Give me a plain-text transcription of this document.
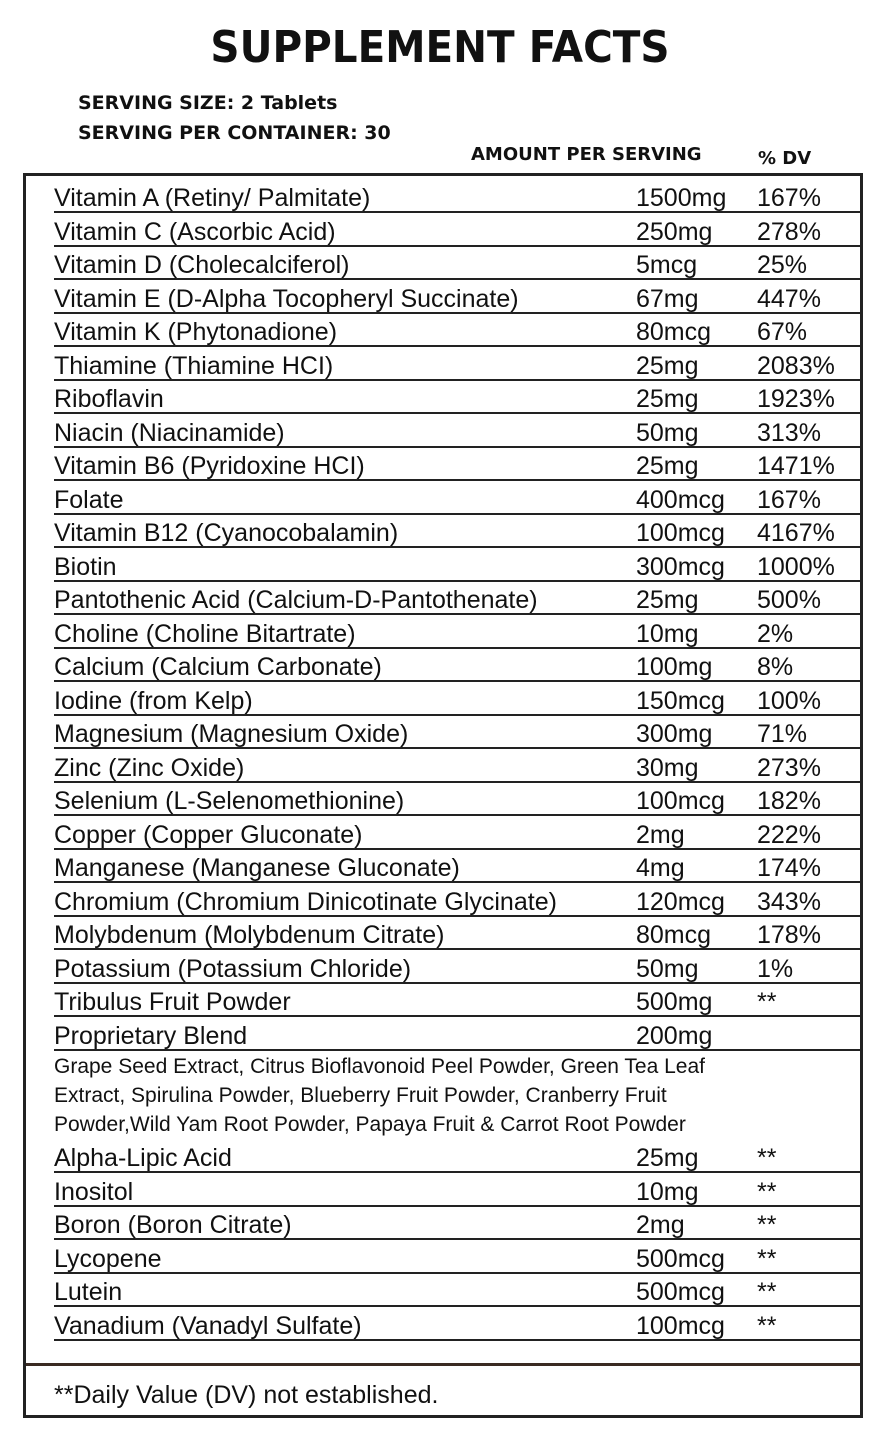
SUPPLEMENT FACTS
SERVING SIZE: 2 Tablets
SERVING PER CONTAINER: 30
AMOUNT PER SERVING	% DV
**Daily Value (DV) not established.
Vitamin A (Retiny/ Palmitate)	1500mg 167%
Vitamin C (Ascorbic Acid)	250mg 278%
Vitamin D (Cholecalciferol)	5mcg 25%
Vitamin E (D-Alpha Tocopheryl Succinate)	67mg 447%
Vitamin K (Phytonadione)	80mcg 67%
Thiamine (Thiamine HCI)	25mg 2083%
Riboflavin	25mg 1923%
Niacin (Niacinamide)	50mg 313%
Vitamin B6 (Pyridoxine HCI)	25mg 1471%
Folate	400mcg 167%
Vitamin B12 (Cyanocobalamin)	100mcg 4167%
Biotin	300mcg 1000%
Pantothenic Acid (Calcium-D-Pantothenate)	25mg 500%
Choline (Choline Bitartrate)	10mg 2%
Calcium (Calcium Carbonate)	100mg 8%
Iodine (from Kelp)	150mcg 100%
Magnesium (Magnesium Oxide)	300mg 71%
Zinc (Zinc Oxide)	30mg 273%
Selenium (L-Selenomethionine)	100mcg 182%
Copper (Copper Gluconate)	2mg	222%
Manganese (Manganese Gluconate)	4mg	174%
Chromium (Chromium Dinicotinate Glycinate)	120mcg 343%
Molybdenum (Molybdenum Citrate)	80mcg 178%
Potassium (Potassium Chloride)	50mg 1%
Tribulus Fruit Powder	500mg **
Proprietary Blend	200mg
Grape Seed Extract, Citrus Bioflavonoid Peel Powder, Green Tea Leaf
Extract, Spirulina Powder, Blueberry Fruit Powder, Cranberry Fruit
Powder,Wild Yam Root Powder, Papaya Fruit & Carrot Root Powder
Alpha-Lipic Acid	25mg **
Inositol	10mg **
Boron (Boron Citrate)	2mg	**
Lycopene	500mcg **
Lutein	500mcg **
Vanadium (Vanadyl Sulfate)	100mcg **
